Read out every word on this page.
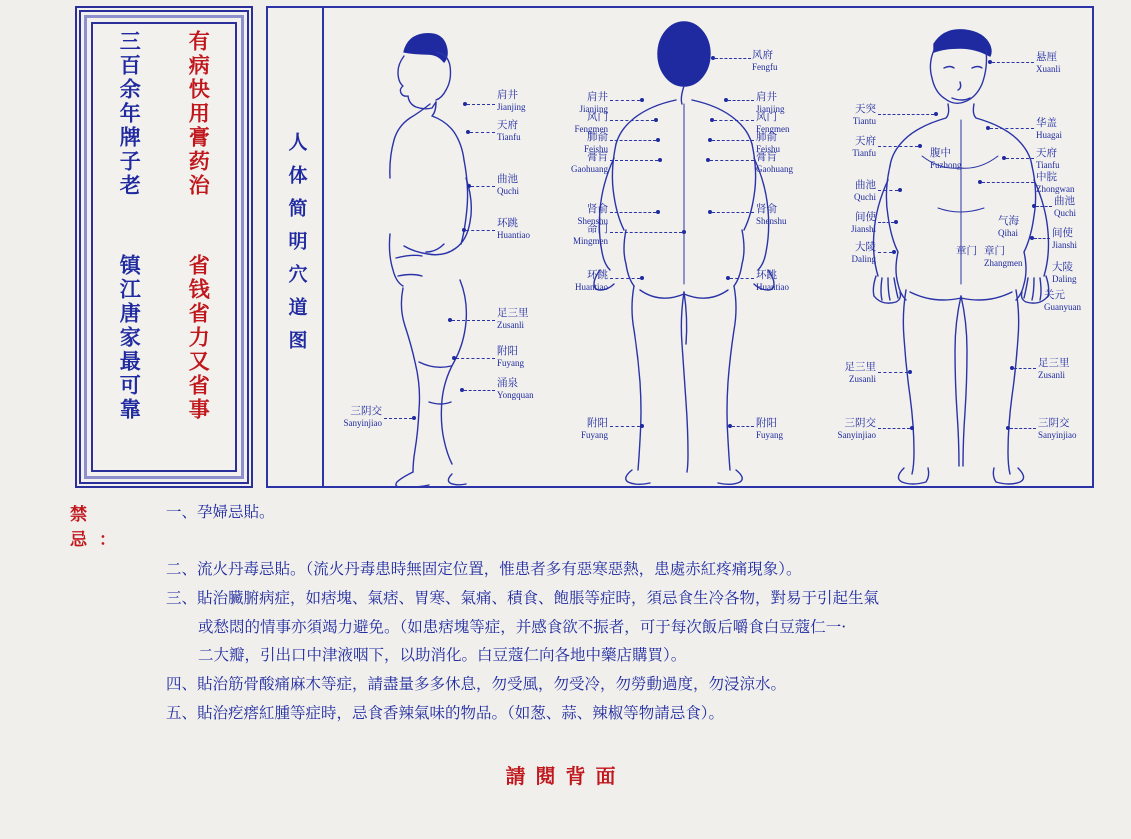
有病快用膏药治  省钱省力又省事
三百余年牌子老  镇江唐家最可靠	人体简明穴道图
肩井
Jianjing
天府
Tianfu
曲池
Quchi
环跳
Huantiao
足三里
Zusanli
附阳
Fuyang
涌泉
Yongquan
三阴交
Sanyinjiao
风府
Fengfu
肩井
Jianjing
风门
Fengmen
肺俞
Feishu
膏肓
Gaohuang
肾俞
Shenshu
命门
Mingmen
环跳
Huantiao
附阳
Fuyang
肩井
Jianjing
风门
Fengmen
肺俞
Feishu
膏肓
Gaohuang
肾俞
Shenshu
环跳
Huantiao
附阳
Fuyang
悬厘
Xuanli
华盖
Huagai
天府
Tianfu
中脘
Zhongwan
曲池
Quchi
间使
Jianshi
大陵
Daling
关元
Guanyuan
足三里
Zusanli
三阴交
Sanyinjiao
天突
Tiantu
天府
Tianfu
曲池
Quchi
间使
Jianshi
大陵
Daling
足三里
Zusanli
三阴交
Sanyinjiao
腹中
Fuzhong
气海
Qihai
章门 章门
Zhangmen
禁　忌：
一、孕婦忌貼。
二、流火丹毒忌貼。（流火丹毒患時無固定位置，惟患者多有惡寒惡熱，患處赤紅疼痛現象）。
三、貼治臟腑病症，如痞塊、氣痞、胃寒、氣痛、積食、飽脹等症時，須忌食生冷各物，對易于引起生氣
或愁悶的情事亦須竭力避免。（如患痞塊等症，并感食欲不振者，可于每次飯后嚼食白豆蔻仁一·
二大瓣，引出口中津液咽下，以助消化。白豆蔻仁向各地中藥店購買）。
四、貼治筋骨酸痛麻木等症，請盡量多多休息，勿受風，勿受冷，勿勞動過度，勿浸涼水。
五、貼治疙瘩紅腫等症時，忌食香辣氣味的物品。（如葱、蒜、辣椒等物請忌食）。
請閱背面
